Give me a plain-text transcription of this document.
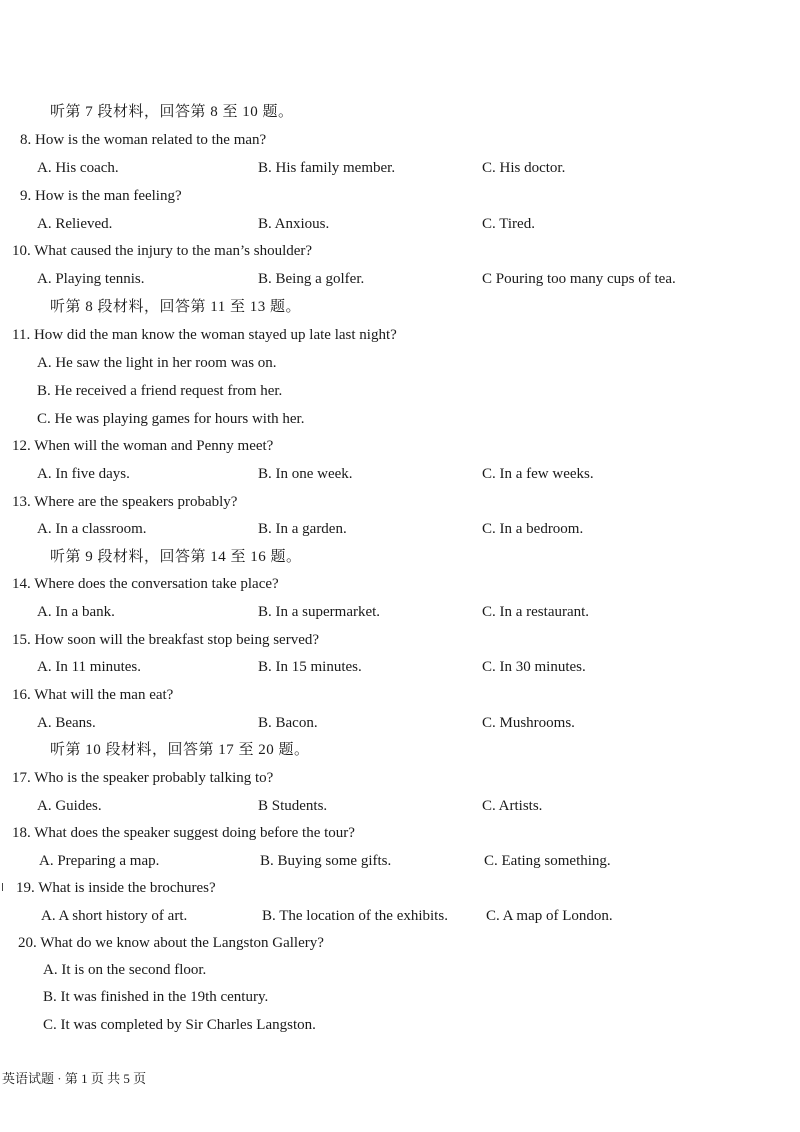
听第 7 段材料，回答第 8 至 10 题。
8. How is the woman related to the man?
A. His coach.	B. His family member.	C. His doctor.
9. How is the man feeling?
A. Relieved.	B. Anxious.	C. Tired.
10. What caused the injury to the man’s shoulder?
A. Playing tennis.	B. Being a golfer.	C Pouring too many cups of tea.
听第 8 段材料，回答第 11 至 13 题。
11. How did the man know the woman stayed up late last night?
A. He saw the light in her room was on.
B. He received a friend request from her.
C. He was playing games for hours with her.
12. When will the woman and Penny meet?
A. In five days.	B. In one week.	C. In a few weeks.
13. Where are the speakers probably?
A. In a classroom.	B. In a garden.	C. In a bedroom.
听第 9 段材料，回答第 14 至 16 题。
14. Where does the conversation take place?
A. In a bank.	B. In a supermarket.	C. In a restaurant.
15. How soon will the breakfast stop being served?
A. In 11 minutes.	B. In 15 minutes.	C. In 30 minutes.
16. What will the man eat?
A. Beans.	B. Bacon.	C. Mushrooms.
听第 10 段材料，回答第 17 至 20 题。
17. Who is the speaker probably talking to?
A. Guides.	B Students.	C. Artists.
18. What does the speaker suggest doing before the tour?
A. Preparing a map.	B. Buying some gifts.	C. Eating something.
19. What is inside the brochures?
A. A short history of art.	B. The location of the exhibits.	C. A map of London.
20. What do we know about the Langston Gallery?
A. It is on the second floor.
B. It was finished in the 19th century.
C. It was completed by Sir Charles Langston.
英语试题 · 第 1 页 共 5 页
